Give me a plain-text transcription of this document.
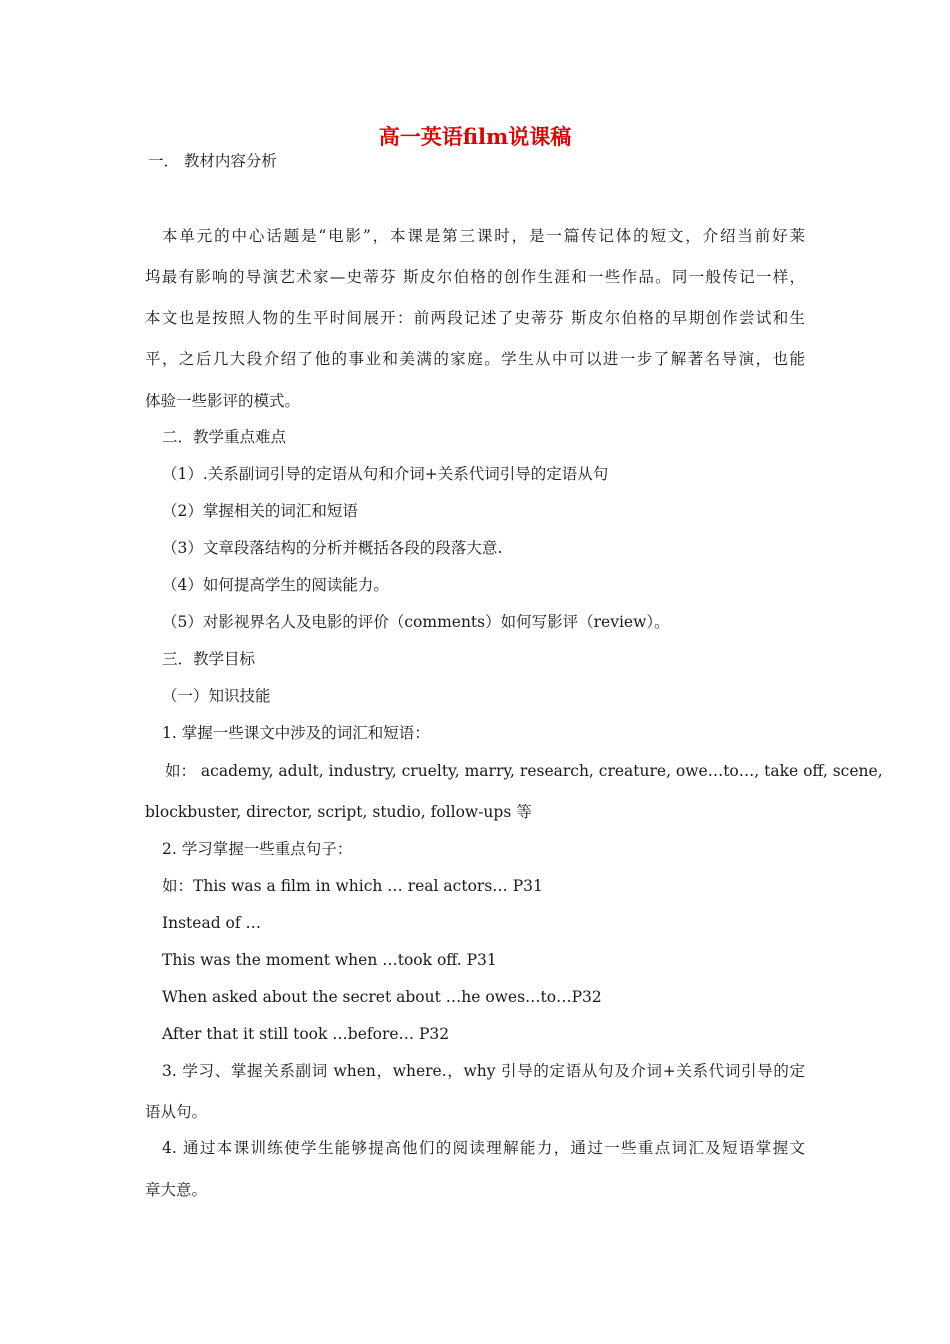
高一英语film说课稿
一． 教材内容分析
本单元的中心话题是“电影”，本课是第三课时，是一篇传记体的短文，介绍当前好莱
坞最有影响的导演艺术家—史蒂芬 斯皮尔伯格的创作生涯和一些作品。同一般传记一样，
本文也是按照人物的生平时间展开：前两段记述了史蒂芬 斯皮尔伯格的早期创作尝试和生
平，之后几大段介绍了他的事业和美满的家庭。学生从中可以进一步了解著名导演，也能
体验一些影评的模式。
二．教学重点难点
（1）.关系副词引导的定语从句和介词+关系代词引导的定语从句
（2）掌握相关的词汇和短语
（3）文章段落结构的分析并概括各段的段落大意.
（4）如何提高学生的阅读能力。
（5）对影视界名人及电影的评价（comments）如何写影评（review）。
三．教学目标
（一）知识技能
1. 掌握一些课文中涉及的词汇和短语：
如： academy, adult, industry, cruelty, marry, research, creature, owe…to…, take off, scene,
blockbuster, director, script, studio, follow-ups 等
2. 学习掌握一些重点句子：
如：This was a film in which … real actors… P31
Instead of …
This was the moment when …took off. P31
When asked about the secret about …he owes…to…P32
After that it still took …before… P32
3. 学习、掌握关系副词 when，where.，why 引导的定语从句及介词+关系代词引导的定
语从句。
4. 通过本课训练使学生能够提高他们的阅读理解能力，通过一些重点词汇及短语掌握文
章大意。
